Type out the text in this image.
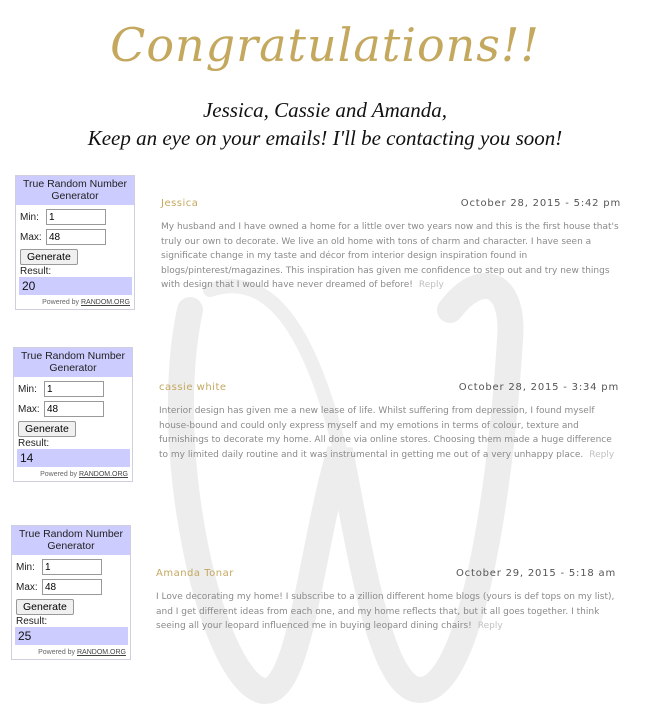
Congratulations!!
Jessica, Cassie and Amanda,
Keep an eye on your emails! I'll be contacting you soon!
True Random Number Generator
Min:
1
Max:
48
Generate
Result:
20
Powered by RANDOM.ORG
True Random Number Generator
Min:
1
Max:
48
Generate
Result:
14
Powered by RANDOM.ORG
True Random Number Generator
Min:
1
Max:
48
Generate
Result:
25
Powered by RANDOM.ORG
Jessica	October 28, 2015 - 5:42 pm
My husband and I have owned a home for a little over two years now and this is the first house that's truly our own to decorate. We live an old home with tons of charm and character. I have seen a significate change in my taste and décor from interior design inspiration found in blogs/pinterest/magazines. This inspiration has given me confidence to step out and try new things with design that I would have never dreamed of before! Reply
cassie white	October 28, 2015 - 3:34 pm
Interior design has given me a new lease of life. Whilst suffering from depression, I found myself house-bound and could only express myself and my emotions in terms of colour, texture and furnishings to decorate my home. All done via online stores. Choosing them made a huge difference to my limited daily routine and it was instrumental in getting me out of a very unhappy place. Reply
Amanda Tonar	October 29, 2015 - 5:18 am
I Love decorating my home! I subscribe to a zillion different home blogs (yours is def tops on my list), and I get different ideas from each one, and my home reflects that, but it all goes together. I think seeing all your leopard influenced me in buying leopard dining chairs! Reply
